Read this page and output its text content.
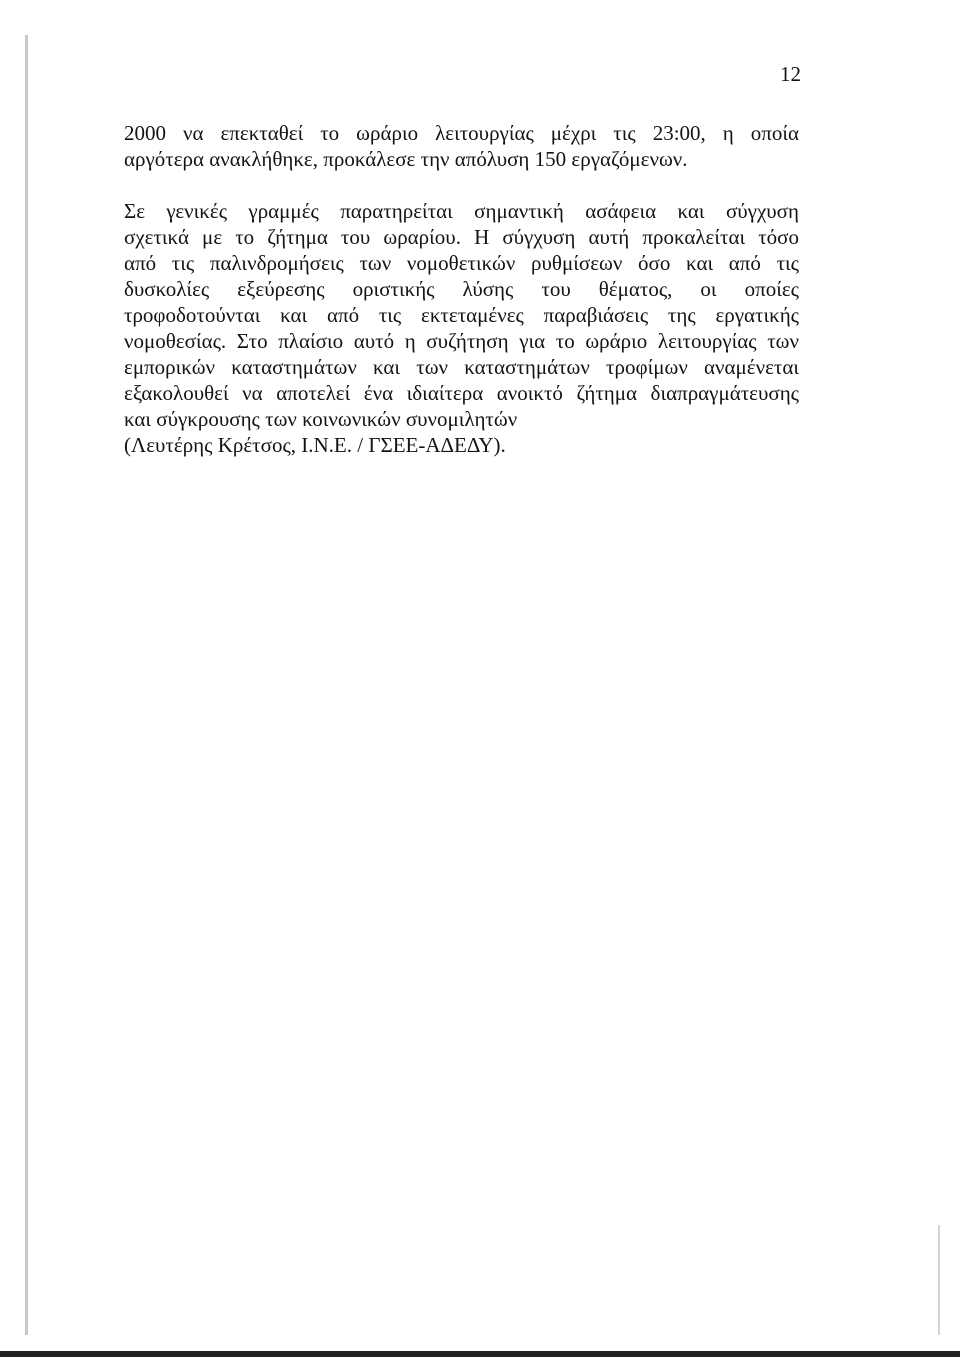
12
2000 να επεκταθεί το ωράριο λειτουργίας μέχρι τις 23:00, η οποία
αργότερα ανακλήθηκε, προκάλεσε την απόλυση 150 εργαζόμενων.
Σε γενικές γραμμές παρατηρείται σημαντική ασάφεια και σύγχυση
σχετικά με το ζήτημα του ωραρίου. Η σύγχυση αυτή προκαλείται τόσο
από τις παλινδρομήσεις των νομοθετικών ρυθμίσεων όσο και από τις
δυσκολίες εξεύρεσης οριστικής λύσης του θέματος, οι οποίες
τροφοδοτούνται και από τις εκτεταμένες παραβιάσεις της εργατικής
νομοθεσίας. Στο πλαίσιο αυτό η συζήτηση για το ωράριο λειτουργίας των
εμπορικών καταστημάτων και των καταστημάτων τροφίμων αναμένεται
εξακολουθεί να αποτελεί ένα ιδιαίτερα ανοικτό ζήτημα διαπραγμάτευσης
και σύγκρουσης των κοινωνικών συνομιλητών
(Λευτέρης Κρέτσος, Ι.Ν.Ε. / ΓΣΕΕ-ΑΔΕΔΥ).
